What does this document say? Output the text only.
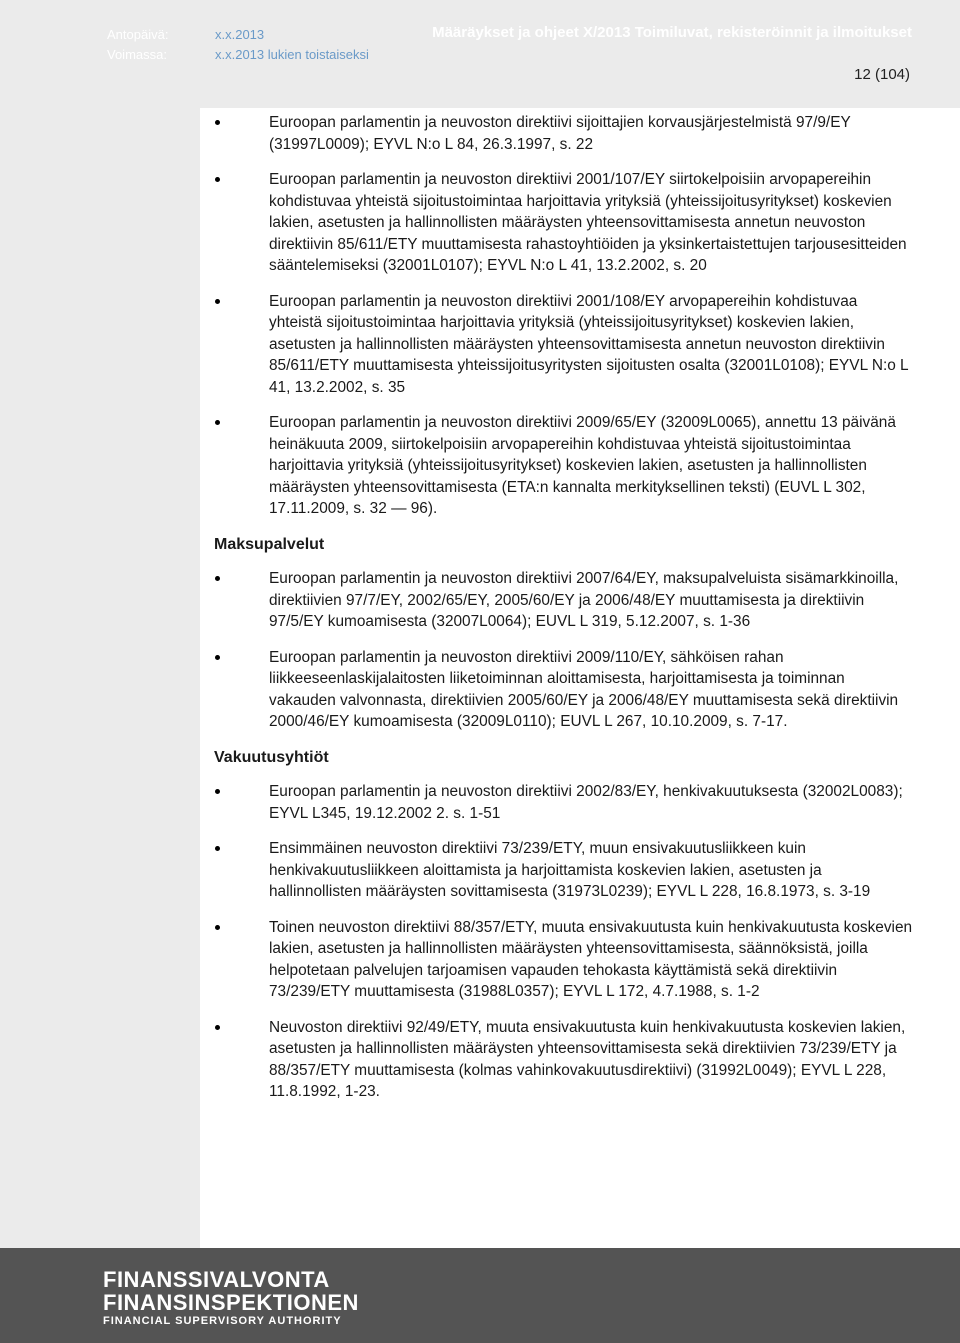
Antopäivä:	x.x.2013
Voimassa:	x.x.2013 lukien toistaiseksi
Määräykset ja ohjeet X/2013 Toimiluvat, rekisteröinnit ja ilmoitukset
12 (104)
Euroopan parlamentin ja neuvoston direktiivi sijoittajien korvausjärjestelmistä 97/9/EY (31997L0009); EYVL N:o L 84, 26.3.1997, s. 22
Euroopan parlamentin ja neuvoston direktiivi 2001/107/EY siirtokelpoisiin arvopapereihin kohdistuvaa yhteistä sijoitustoimintaa harjoittavia yrityksiä (yhteissijoitusyritykset) koskevien lakien, asetusten ja hallinnollisten määräysten yhteensovittamisesta annetun neuvoston direktiivin 85/611/ETY muuttamisesta rahastoyhtiöiden ja yksinkertaistettujen tarjousesitteiden sääntelemiseksi (32001L0107); EYVL N:o L 41, 13.2.2002, s. 20
Euroopan parlamentin ja neuvoston direktiivi 2001/108/EY arvopapereihin kohdistuvaa yhteistä sijoitustoimintaa harjoittavia yrityksiä (yhteissijoitusyritykset) koskevien lakien, asetusten ja hallinnollisten määräysten yhteensovittamisesta annetun neuvoston direktiivin 85/611/ETY muuttamisesta yhteissijoitusyritysten sijoitusten osalta (32001L0108); EYVL N:o L 41, 13.2.2002, s. 35
Euroopan parlamentin ja neuvoston direktiivi 2009/65/EY (32009L0065), annettu 13 päivänä heinäkuuta 2009, siirtokelpoisiin arvopapereihin kohdistuvaa yhteistä sijoitustoimintaa harjoittavia yrityksiä (yhteissijoitusyritykset) koskevien lakien, asetusten ja hallinnollisten määräysten yhteensovittamisesta (ETA:n kannalta merkityksellinen teksti) (EUVL L 302, 17.11.2009, s. 32 — 96).
Maksupalvelut
Euroopan parlamentin ja neuvoston direktiivi 2007/64/EY, maksupalveluista sisämarkkinoilla, direktiivien 97/7/EY, 2002/65/EY, 2005/60/EY ja 2006/48/EY muuttamisesta ja direktiivin 97/5/EY kumoamisesta (32007L0064); EUVL L 319, 5.12.2007, s. 1-36
Euroopan parlamentin ja neuvoston direktiivi 2009/110/EY, sähköisen rahan liikkeeseenlaskijalaitosten liiketoiminnan aloittamisesta, harjoittamisesta ja toiminnan vakauden valvonnasta, direktiivien 2005/60/EY ja 2006/48/EY muuttamisesta sekä direktiivin 2000/46/EY kumoamisesta (32009L0110); EUVL L 267, 10.10.2009, s. 7-17.
Vakuutusyhtiöt
Euroopan parlamentin ja neuvoston direktiivi 2002/83/EY, henkivakuutuksesta (32002L0083); EYVL L345, 19.12.2002 2. s. 1-51
Ensimmäinen neuvoston direktiivi 73/239/ETY, muun ensivakuutusliikkeen kuin henkivakuutusliikkeen aloittamista ja harjoittamista koskevien lakien, asetusten ja hallinnollisten määräysten sovittamisesta (31973L0239); EYVL L 228, 16.8.1973, s. 3-19
Toinen neuvoston direktiivi 88/357/ETY, muuta ensivakuutusta kuin henkivakuutusta koskevien lakien, asetusten ja hallinnollisten määräysten yhteensovittamisesta, säännöksistä, joilla helpotetaan palvelujen tarjoamisen vapauden tehokasta käyttämistä sekä direktiivin 73/239/ETY muuttamisesta (31988L0357); EYVL L 172, 4.7.1988, s. 1-2
Neuvoston direktiivi 92/49/ETY, muuta ensivakuutusta kuin henkivakuutusta koskevien lakien, asetusten ja hallinnollisten määräysten yhteensovittamisesta sekä direktiivien 73/239/ETY ja 88/357/ETY muuttamisesta (kolmas vahinkovakuutusdirektiivi) (31992L0049); EYVL L 228, 11.8.1992, 1-23.
FINANSSIVALVONTA
FINANSINSPEKTIONEN
FINANCIAL SUPERVISORY AUTHORITY
